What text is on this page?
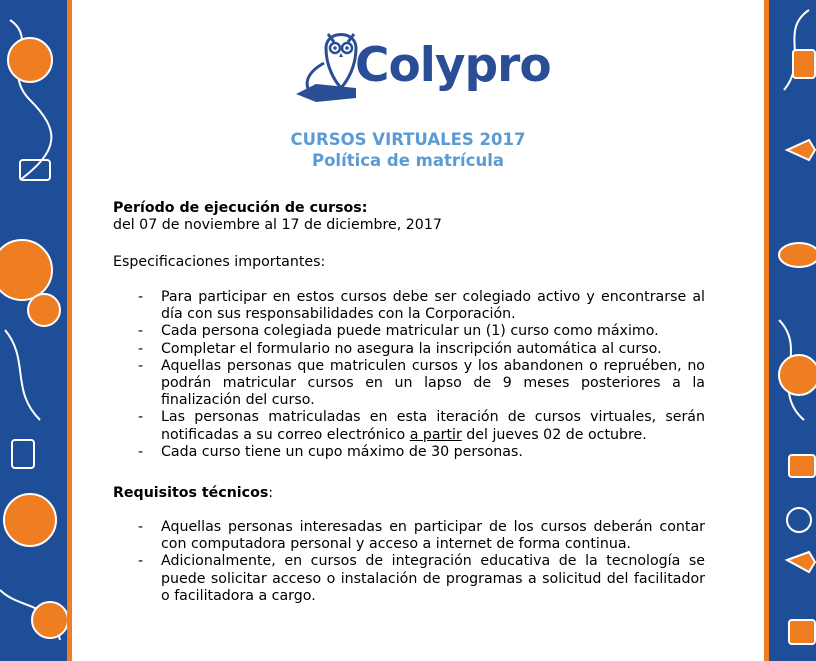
Colypro
CURSOS VIRTUALES 2017
Política de matrícula
Período de ejecución de cursos:
del 07 de noviembre al 17 de diciembre, 2017
Especificaciones importantes:
- Para participar en estos cursos debe ser colegiado activo y encontrarse al día con sus responsabilidades con la Corporación.
- Cada persona colegiada puede matricular un (1) curso como máximo.
- Completar el formulario no asegura la inscripción automática al curso.
- Aquellas personas que matriculen cursos y los abandonen o repruében, no podrán matricular cursos en un lapso de 9 meses posteriores a la finalización del curso.
- Las personas matriculadas en esta iteración de cursos virtuales, serán notificadas a su correo electrónico a partir del jueves 02 de octubre.
- Cada curso tiene un cupo máximo de 30 personas.
Requisitos técnicos:
- Aquellas personas interesadas en participar de los cursos deberán contar con computadora personal y acceso a internet de forma continua.
- Adicionalmente, en cursos de integración educativa de la tecnología se puede solicitar acceso o instalación de programas a solicitud del facilitador o facilitadora a cargo.
